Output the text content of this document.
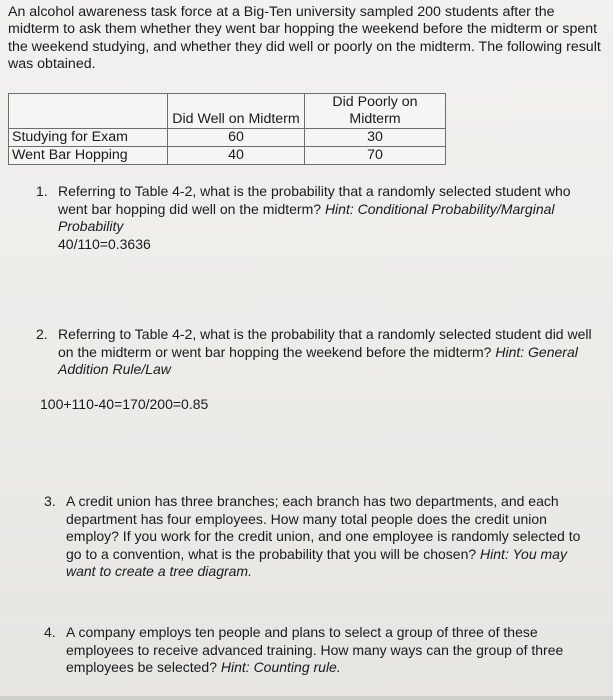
An alcohol awareness task force at a Big-Ten university sampled 200 students after the midterm to ask them whether they went bar hopping the weekend before the midterm or spent the weekend studying, and whether they did well or poorly on the midterm. The following result was obtained.
	Did Well on Midterm	Did Poorly on Midterm
Studying for Exam	60	30
Went Bar Hopping	40	70
1. Referring to Table 4-2, what is the probability that a randomly selected student who went bar hopping did well on the midterm? Hint: Conditional Probability/Marginal Probability
40/110=0.3636
2. Referring to Table 4-2, what is the probability that a randomly selected student did well on the midterm or went bar hopping the weekend before the midterm? Hint: General Addition Rule/Law
100+110-40=170/200=0.85
3. A credit union has three branches; each branch has two departments, and each department has four employees. How many total people does the credit union employ? If you work for the credit union, and one employee is randomly selected to go to a convention, what is the probability that you will be chosen? Hint: You may want to create a tree diagram.
4. A company employs ten people and plans to select a group of three of these employees to receive advanced training. How many ways can the group of three employees be selected? Hint: Counting rule.
